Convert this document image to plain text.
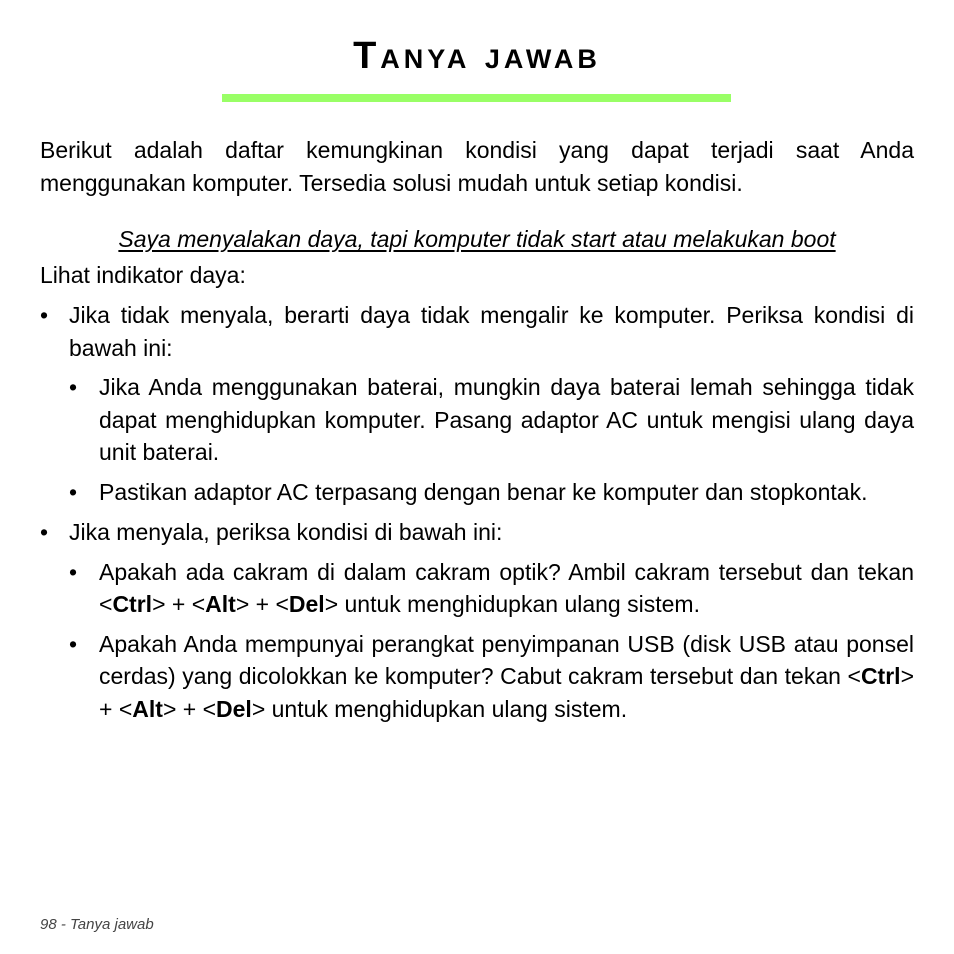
Tanya jawab

Berikut adalah daftar kemungkinan kondisi yang dapat terjadi saat Anda menggunakan komputer. Tersedia solusi mudah untuk setiap kondisi.

Saya menyalakan daya, tapi komputer tidak start atau melakukan boot

Lihat indikator daya:

• Jika tidak menyala, berarti daya tidak mengalir ke komputer. Periksa kondisi di bawah ini:
• Jika Anda menggunakan baterai, mungkin daya baterai lemah sehingga tidak dapat menghidupkan komputer. Pasang adaptor AC untuk mengisi ulang daya unit baterai.
• Pastikan adaptor AC terpasang dengan benar ke komputer dan stopkontak.
• Jika menyala, periksa kondisi di bawah ini:
• Apakah ada cakram di dalam cakram optik? Ambil cakram tersebut dan tekan <Ctrl> + <Alt> + <Del> untuk menghidupkan ulang sistem.
• Apakah Anda mempunyai perangkat penyimpanan USB (disk USB atau ponsel cerdas) yang dicolokkan ke komputer? Cabut cakram tersebut dan tekan <Ctrl> + <Alt> + <Del> untuk menghidupkan ulang sistem.
98 - Tanya jawab
